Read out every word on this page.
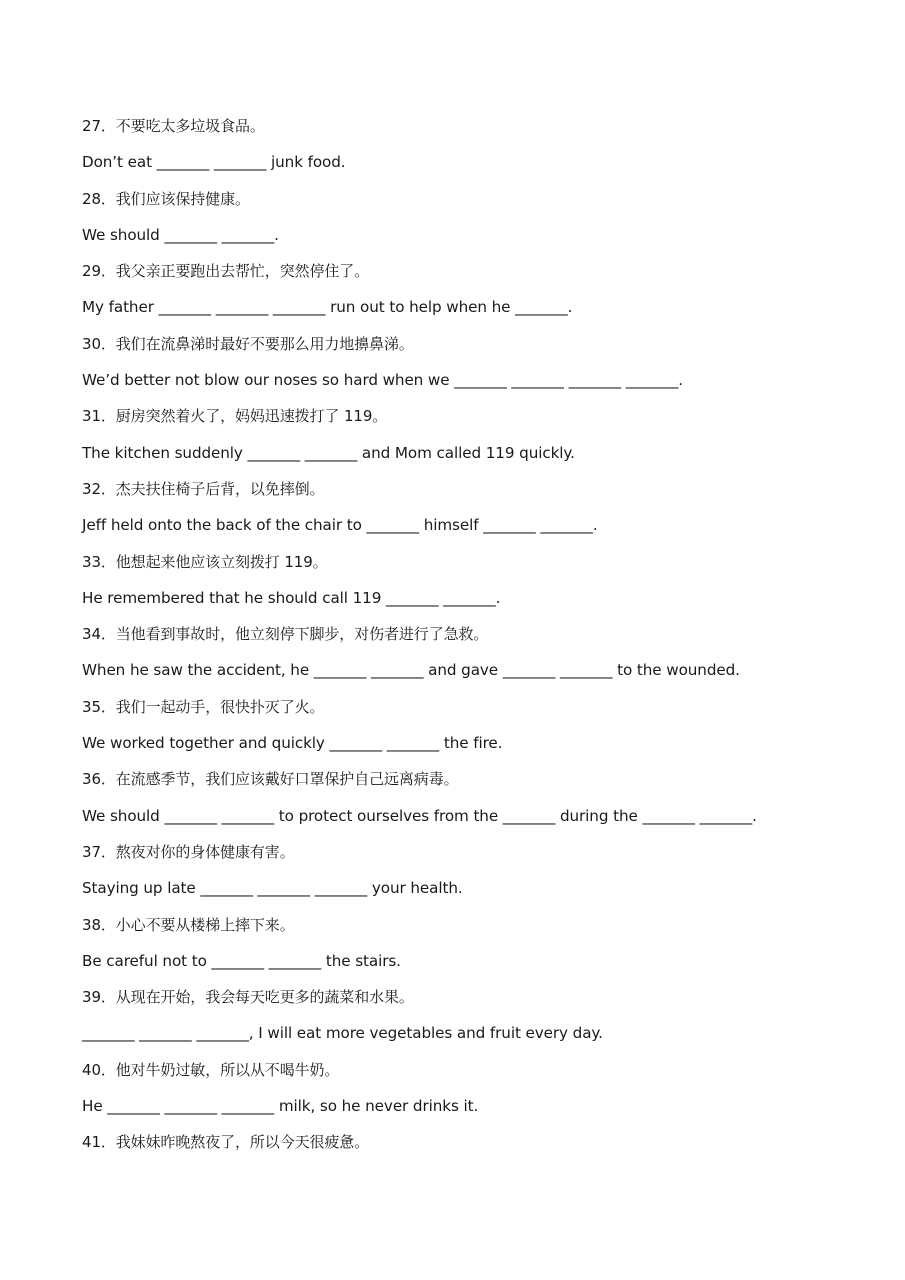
27．不要吃太多垃圾食品。
Don’t eat _______ _______ junk food.
28．我们应该保持健康。
We should _______ _______.
29．我父亲正要跑出去帮忙，突然停住了。
My father _______ _______ _______ run out to help when he _______.
30．我们在流鼻涕时最好不要那么用力地擤鼻涕。
We’d better not blow our noses so hard when we _______ _______ _______ _______.
31．厨房突然着火了，妈妈迅速拨打了 119。
The kitchen suddenly _______ _______ and Mom called 119 quickly.
32．杰夫扶住椅子后背，以免摔倒。
Jeff held onto the back of the chair to _______ himself _______ _______.
33．他想起来他应该立刻拨打 119。
He remembered that he should call 119 _______ _______.
34．当他看到事故时，他立刻停下脚步，对伤者进行了急救。
When he saw the accident, he _______ _______ and gave _______ _______ to the wounded.
35．我们一起动手，很快扑灭了火。
We worked together and quickly _______ _______ the fire.
36．在流感季节，我们应该戴好口罩保护自己远离病毒。
We should _______ _______ to protect ourselves from the _______ during the _______ _______.
37．熬夜对你的身体健康有害。
Staying up late _______ _______ _______ your health.
38．小心不要从楼梯上摔下来。
Be careful not to _______ _______ the stairs.
39．从现在开始，我会每天吃更多的蔬菜和水果。
_______ _______ _______, I will eat more vegetables and fruit every day.
40．他对牛奶过敏，所以从不喝牛奶。
He _______ _______ _______ milk, so he never drinks it.
41．我妹妹昨晚熬夜了，所以今天很疲惫。
